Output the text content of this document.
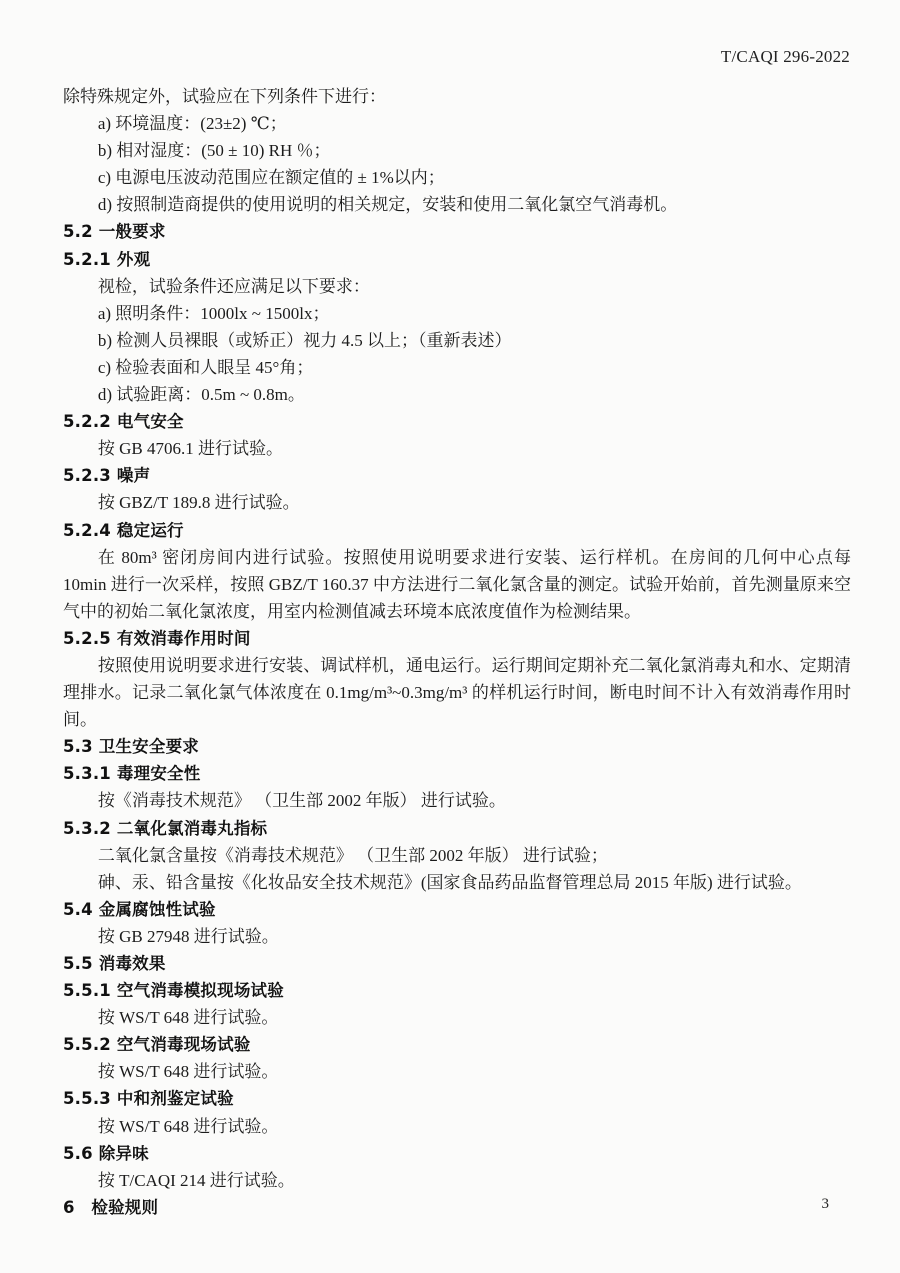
T/CAQI 296-2022

除特殊规定外，试验应在下列条件下进行：

a) 环境温度：(23±2) ℃；

b) 相对湿度：(50 ± 10) RH ％；

c) 电源电压波动范围应在额定值的 ± 1%以内；

d) 按照制造商提供的使用说明的相关规定，安装和使用二氧化氯空气消毒机。

5.2 一般要求

5.2.1 外观

视检，试验条件还应满足以下要求：

a) 照明条件：1000lx ~ 1500lx；

b) 检测人员裸眼（或矫正）视力 4.5 以上；（重新表述）

c) 检验表面和人眼呈 45°角；

d) 试验距离：0.5m ~ 0.8m。

5.2.2 电气安全

按 GB 4706.1 进行试验。

5.2.3 噪声

按 GBZ/T 189.8 进行试验。

5.2.4 稳定运行

在 80m³ 密闭房间内进行试验。按照使用说明要求进行安装、运行样机。在房间的几何中心点每 10min 进行一次采样，按照 GBZ/T 160.37 中方法进行二氧化氯含量的测定。试验开始前，首先测量原来空气中的初始二氧化氯浓度，用室内检测值减去环境本底浓度值作为检测结果。

5.2.5 有效消毒作用时间

按照使用说明要求进行安装、调试样机，通电运行。运行期间定期补充二氧化氯消毒丸和水、定期清理排水。记录二氧化氯气体浓度在 0.1mg/m³~0.3mg/m³ 的样机运行时间，断电时间不计入有效消毒作用时间。

5.3 卫生安全要求

5.3.1 毒理安全性

按《消毒技术规范》 （卫生部 2002 年版） 进行试验。

5.3.2 二氧化氯消毒丸指标

二氧化氯含量按《消毒技术规范》 （卫生部 2002 年版） 进行试验；

砷、汞、铅含量按《化妆品安全技术规范》(国家食品药品监督管理总局 2015 年版) 进行试验。

5.4 金属腐蚀性试验

按 GB 27948 进行试验。

5.5 消毒效果

5.5.1 空气消毒模拟现场试验

按 WS/T 648 进行试验。

5.5.2 空气消毒现场试验

按 WS/T 648 进行试验。

5.5.3 中和剂鉴定试验

按 WS/T 648 进行试验。

5.6 除异味

按 T/CAQI 214 进行试验。

6　检验规则	3
